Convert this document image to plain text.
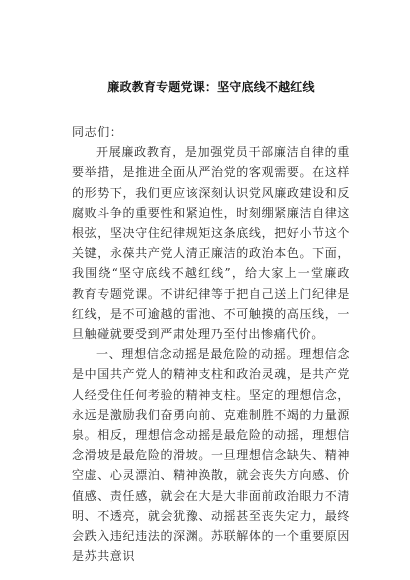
廉政教育专题党课：坚守底线不越红线

同志们：

开展廉政教育，是加强党员干部廉洁自律的重要举措，是推进全面从严治党的客观需要。在这样的形势下，我们更应该深刻认识党风廉政建设和反腐败斗争的重要性和紧迫性，时刻绷紧廉洁自律这根弦，坚决守住纪律规矩这条底线，把好小节这个关键，永葆共产党人清正廉洁的政治本色。下面，我围绕“坚守底线不越红线”，给大家上一堂廉政教育专题党课。不讲纪律等于把自己送上门纪律是红线，是不可逾越的雷池、不可触摸的高压线，一旦触碰就要受到严肃处理乃至付出惨痛代价。

一、理想信念动摇是最危险的动摇。理想信念是中国共产党人的精神支柱和政治灵魂，是共产党人经受住任何考验的精神支柱。坚定的理想信念，永远是激励我们奋勇向前、克难制胜不竭的力量源泉。相反，理想信念动摇是最危险的动摇，理想信念滑坡是最危险的滑坡。一旦理想信念缺失、精神空虚、心灵漂泊、精神涣散，就会丧失方向感、价值感、责任感，就会在大是大非面前政治眼力不清明、不透亮，就会犹豫、动摇甚至丧失定力，最终会跌入违纪违法的深渊。苏联解体的一个重要原因是苏共意识
